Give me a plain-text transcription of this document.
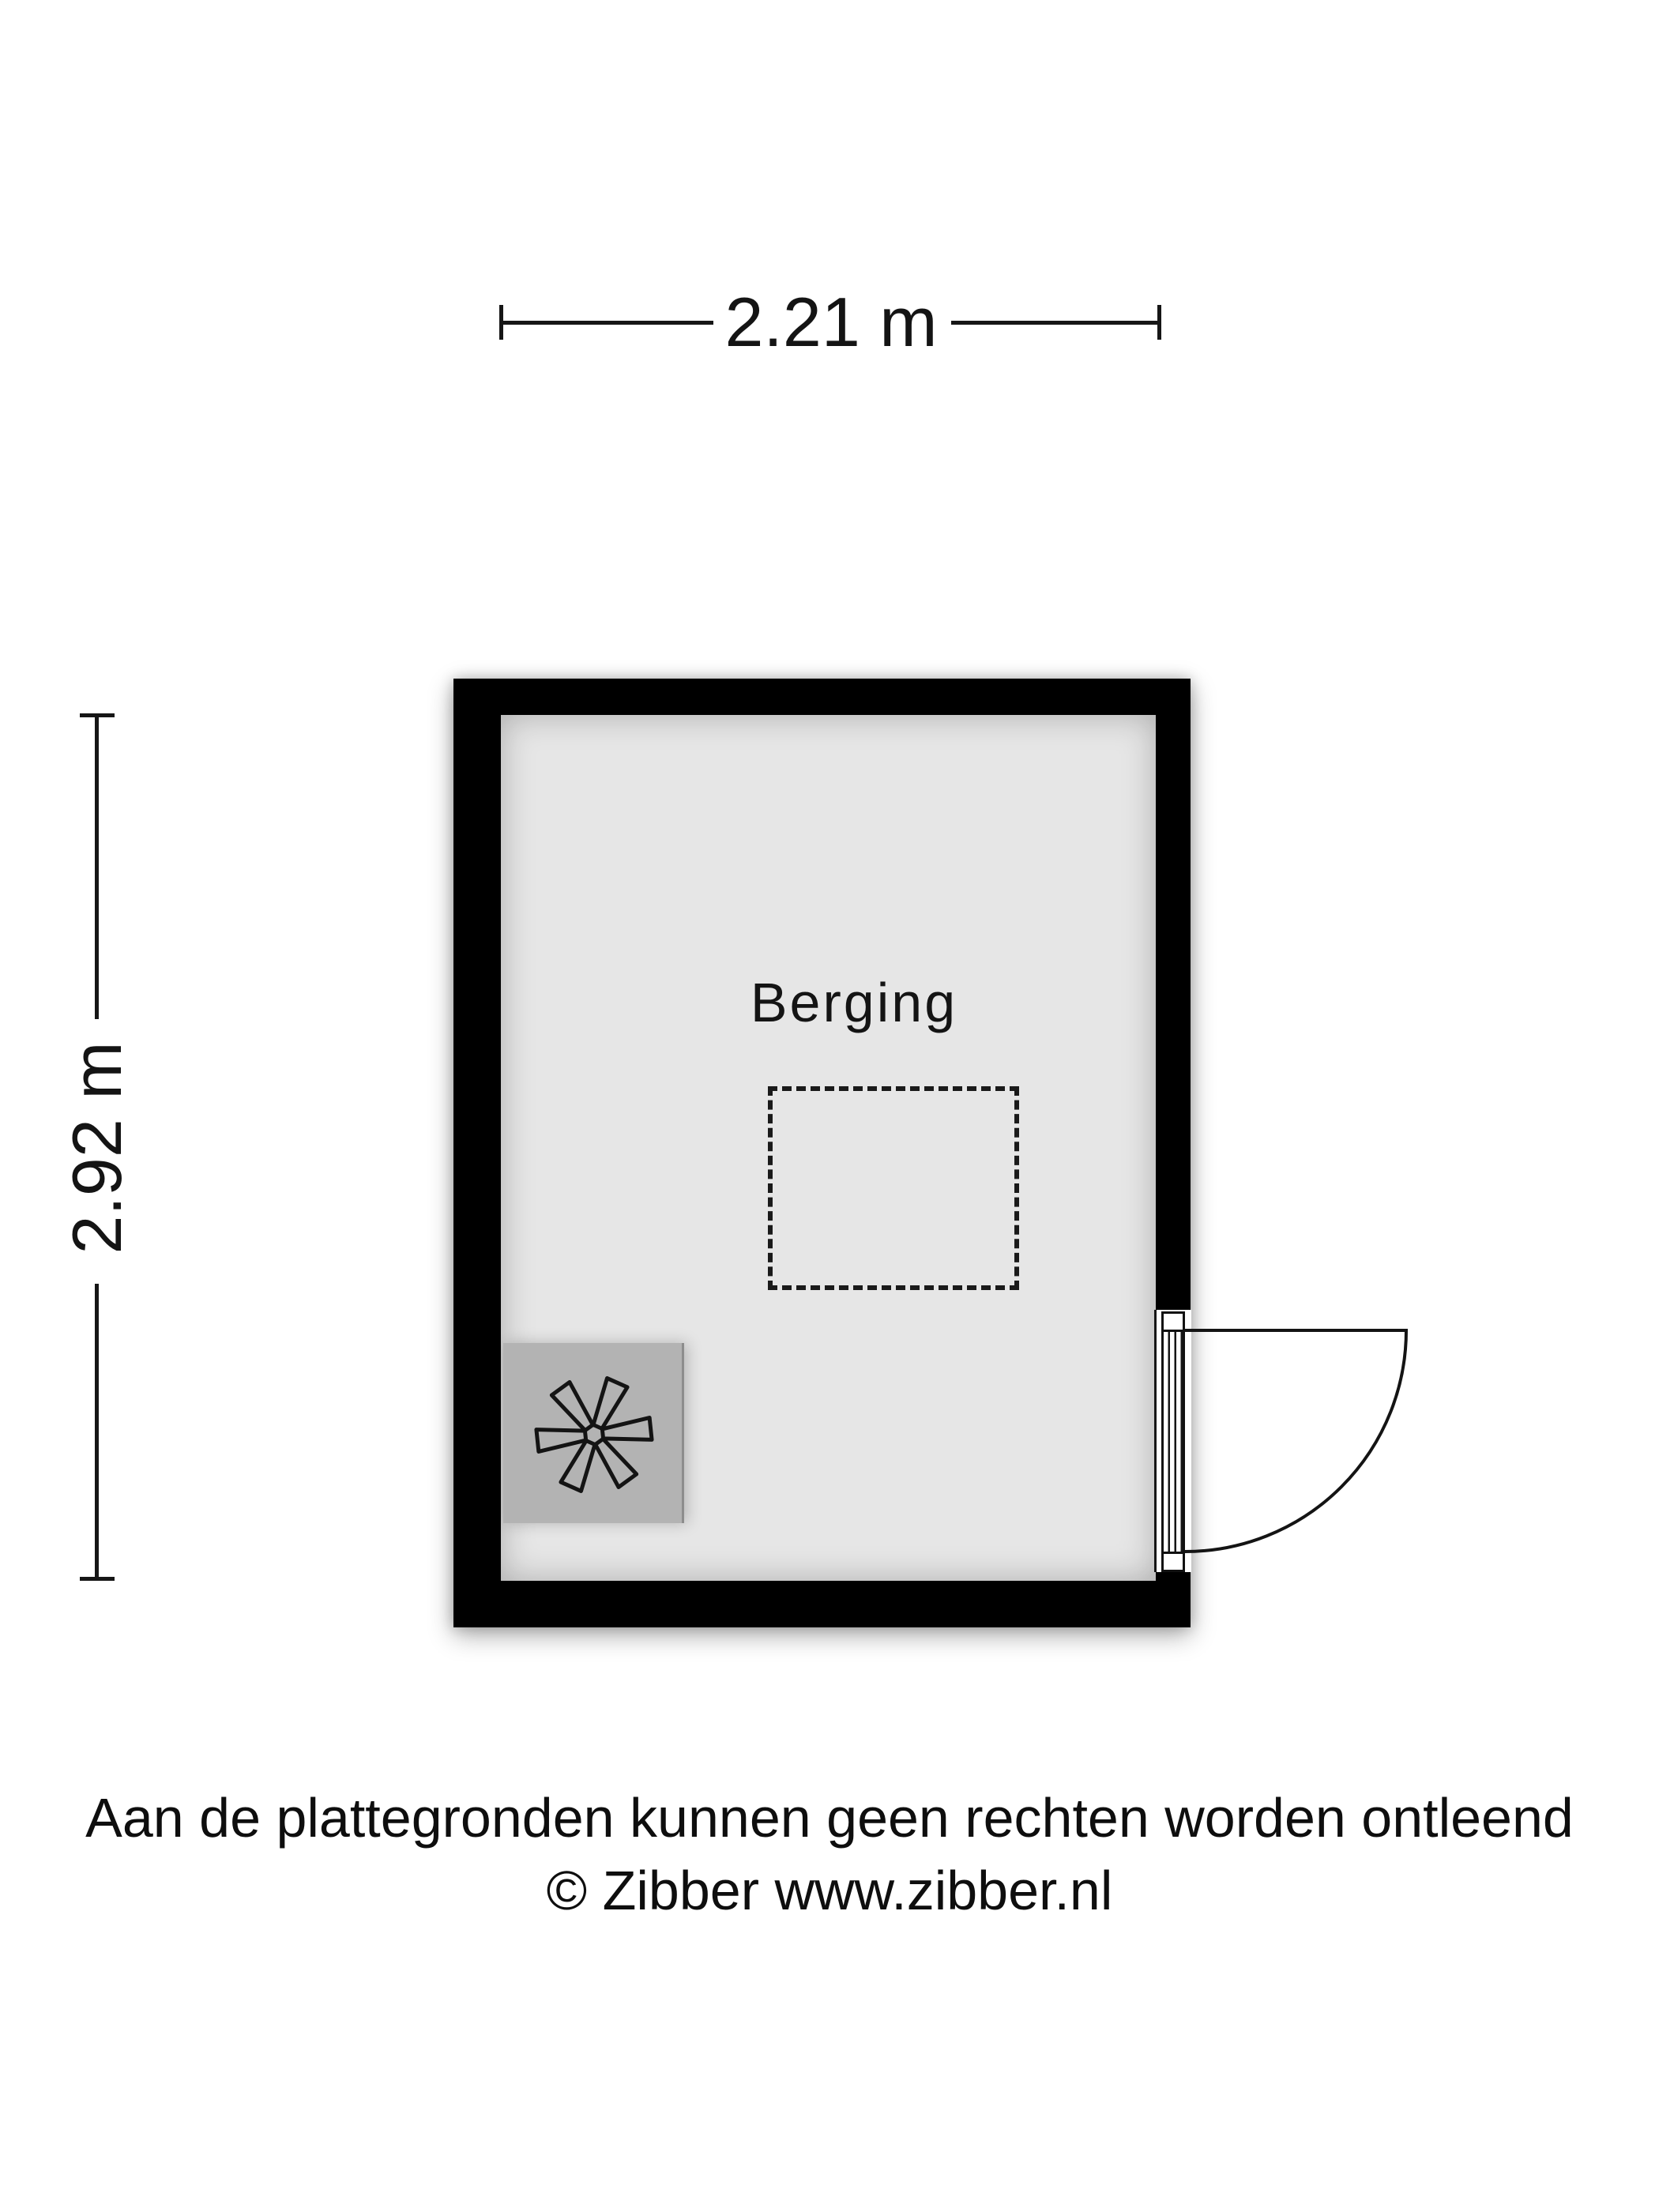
2.21 m
2.92 m
Berging
Aan de plattegronden kunnen geen rechten worden ontleend
© Zibber www.zibber.nl
